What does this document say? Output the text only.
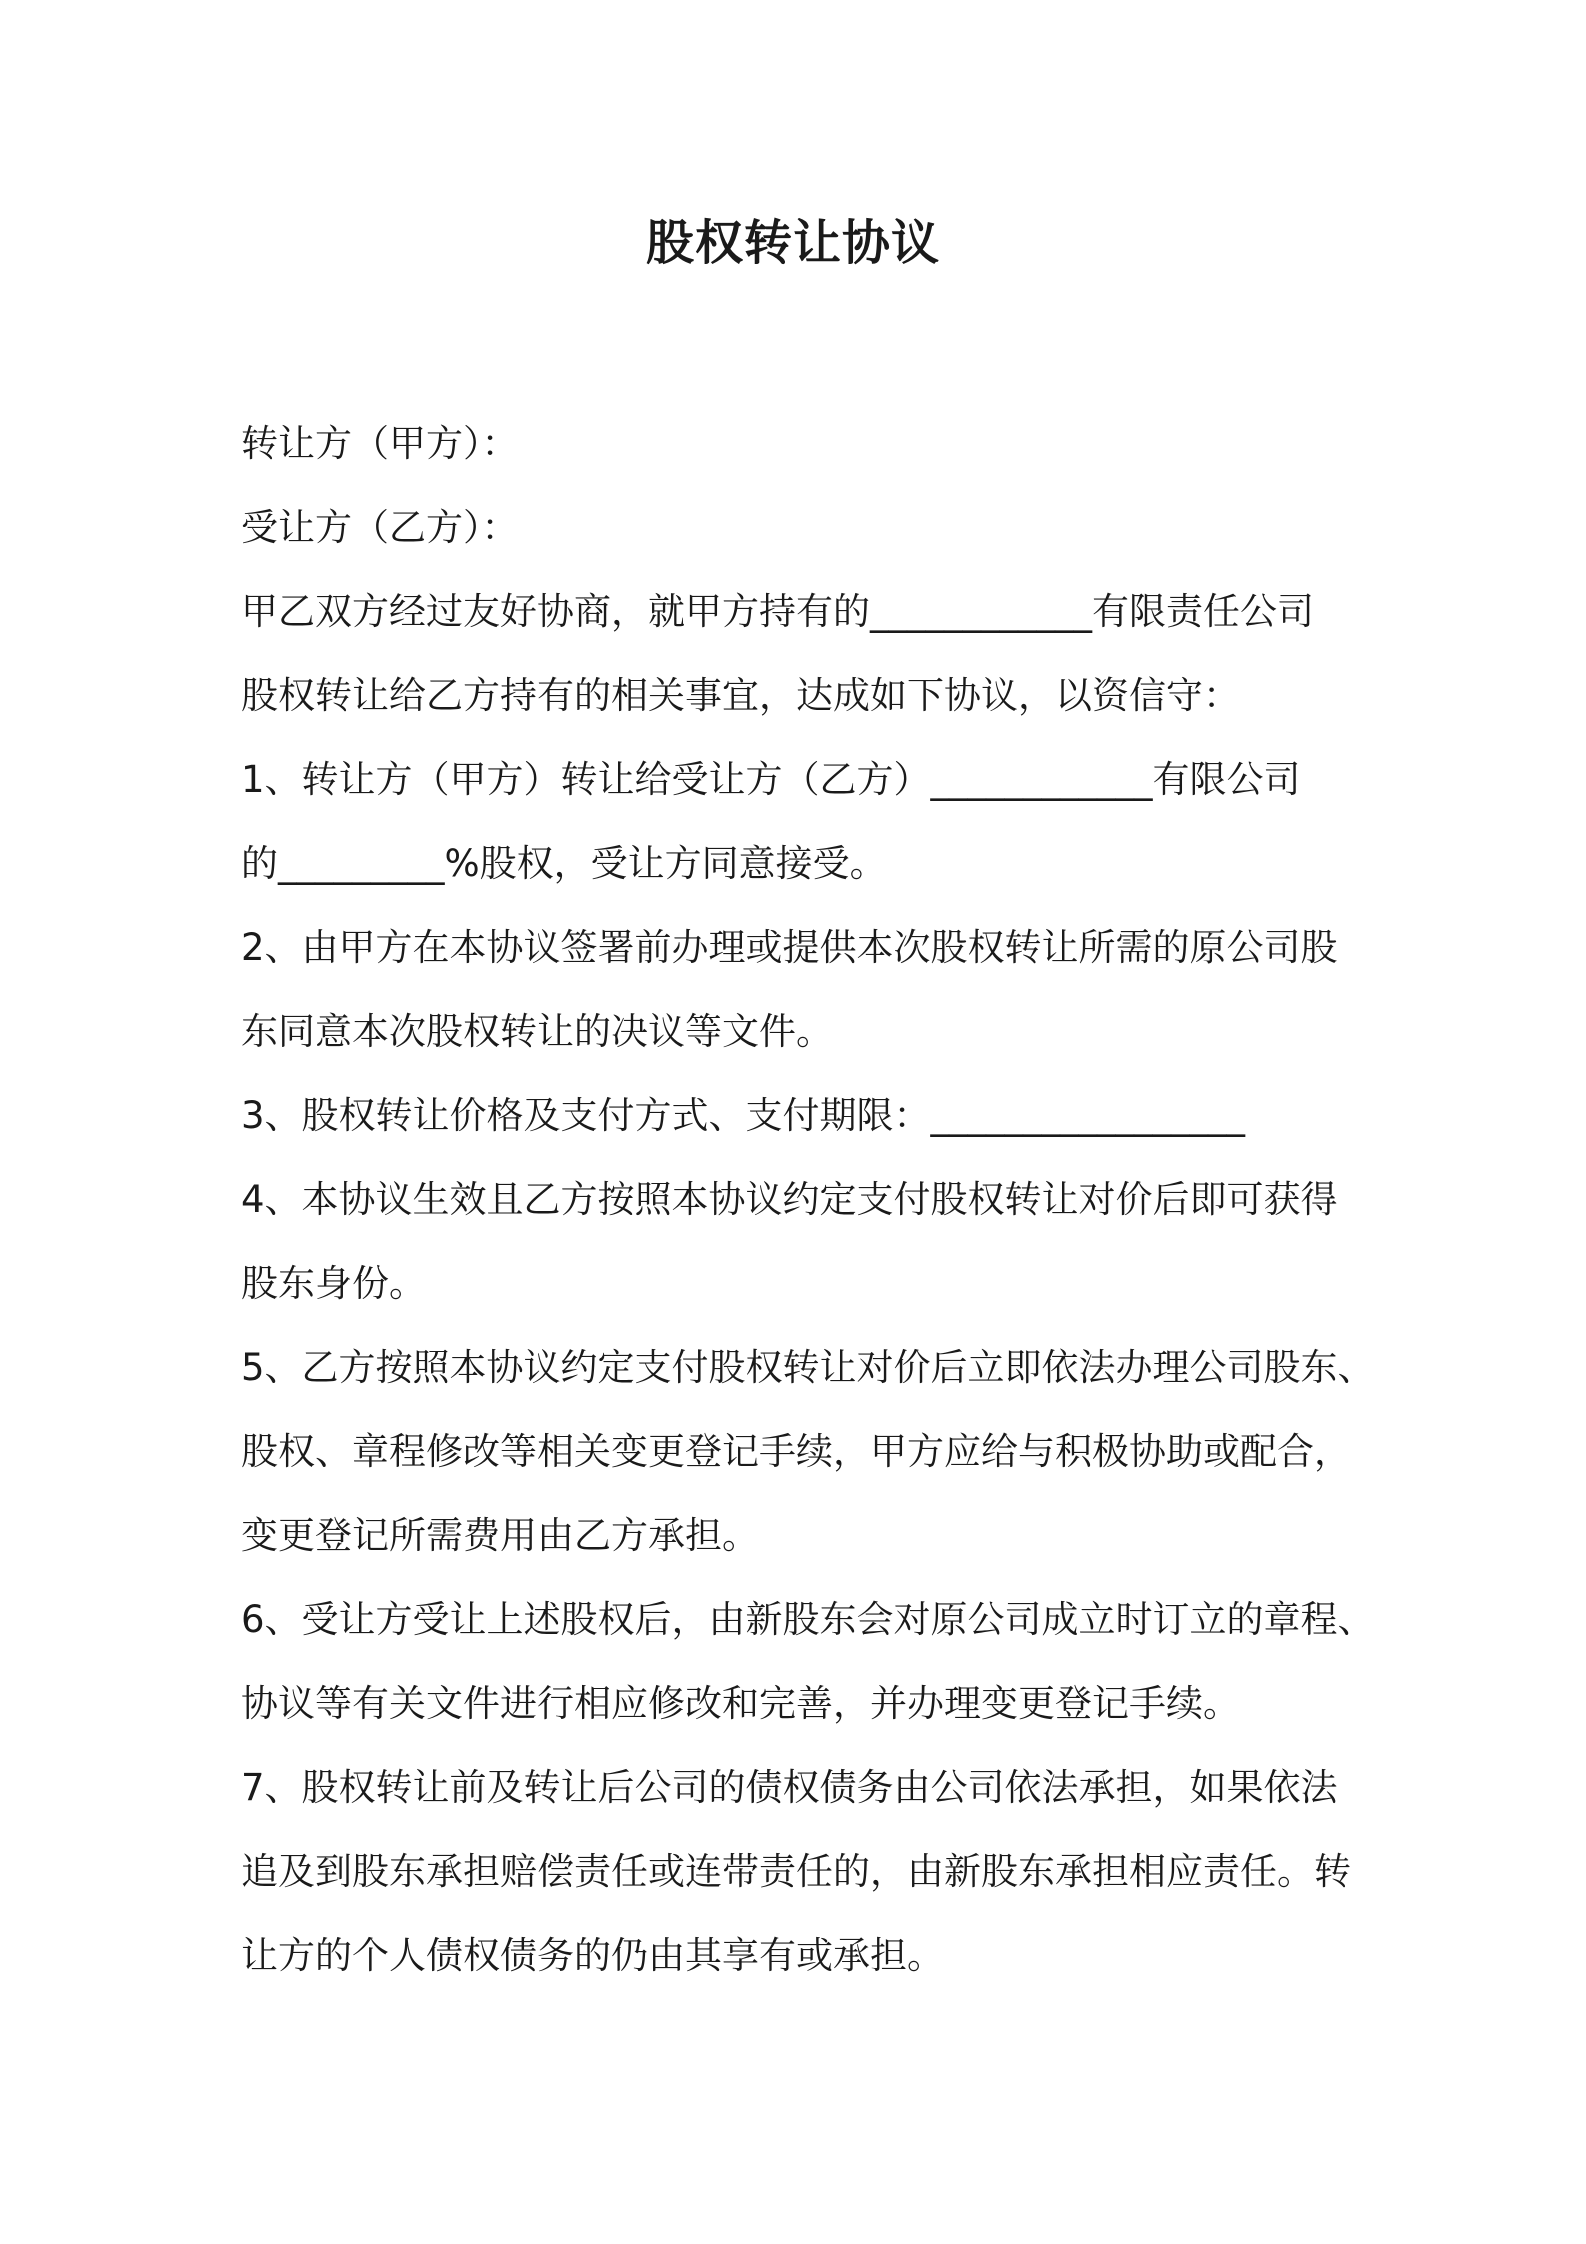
股权转让协议
转让方（甲方）：
受让方（乙方）：
甲乙双方经过友好协商，就甲方持有的____________有限责任公司
股权转让给乙方持有的相关事宜，达成如下协议，以资信守：
1、转让方（甲方）转让给受让方（乙方）____________有限公司
的_________%股权，受让方同意接受。
2、由甲方在本协议签署前办理或提供本次股权转让所需的原公司股
东同意本次股权转让的决议等文件。
3、股权转让价格及支付方式、支付期限：_________________
4、本协议生效且乙方按照本协议约定支付股权转让对价后即可获得
股东身份。
5、乙方按照本协议约定支付股权转让对价后立即依法办理公司股东、
股权、章程修改等相关变更登记手续，甲方应给与积极协助或配合，
变更登记所需费用由乙方承担。
6、受让方受让上述股权后，由新股东会对原公司成立时订立的章程、
协议等有关文件进行相应修改和完善，并办理变更登记手续。
7、股权转让前及转让后公司的债权债务由公司依法承担，如果依法
追及到股东承担赔偿责任或连带责任的，由新股东承担相应责任。转
让方的个人债权债务的仍由其享有或承担。
